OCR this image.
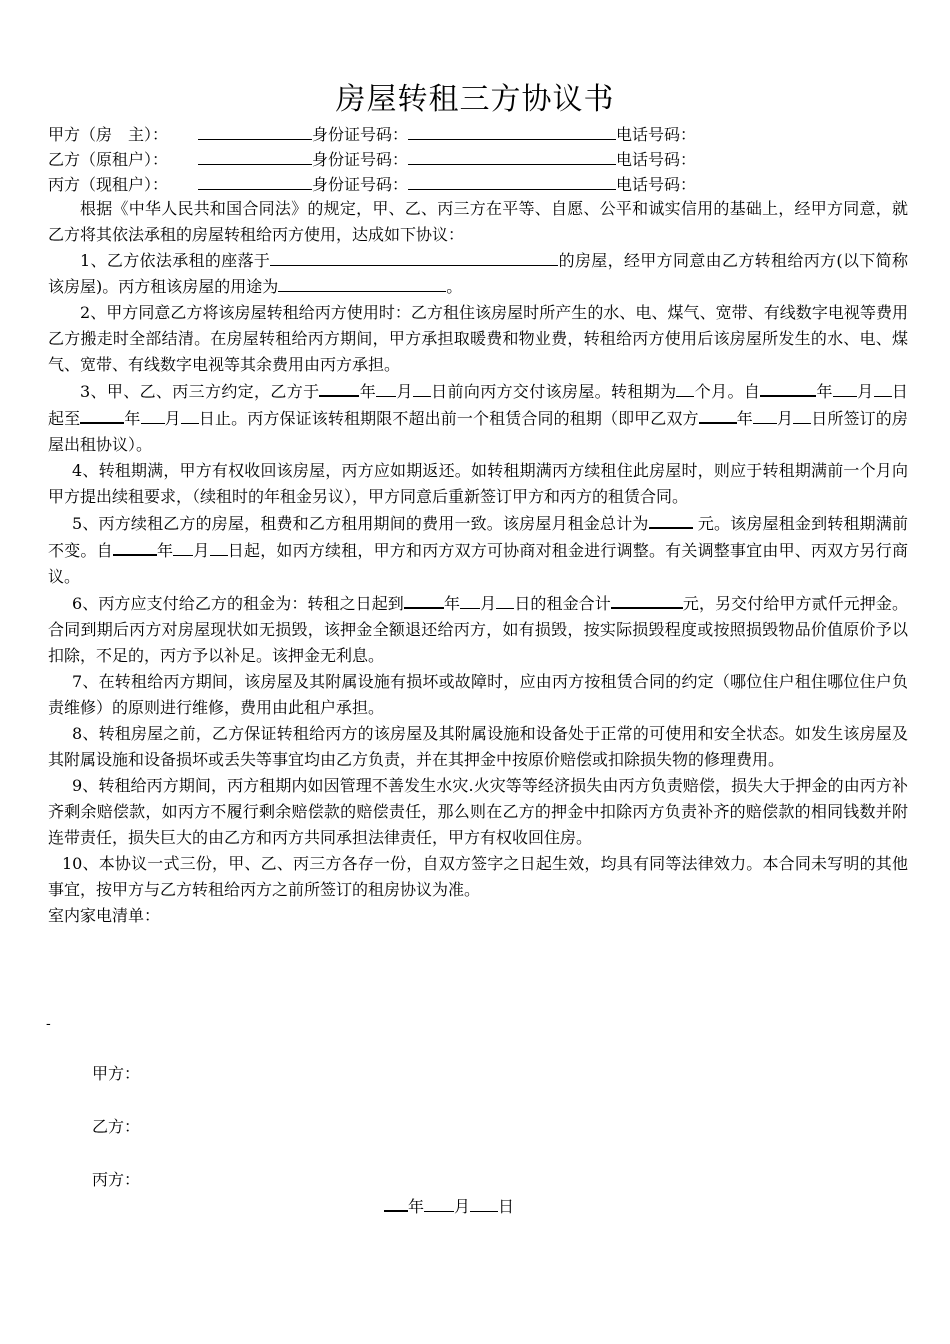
房屋转租三方协议书
甲方（房　主）：	身份证号码：	电话号码：
乙方（原租户）：	身份证号码：	电话号码：
丙方（现租户）：	身份证号码：	电话号码：

根据《中华人民共和国合同法》的规定，甲、乙、丙三方在平等、自愿、公平和诚实信用的基础上，经甲方同意，就乙方将其依法承租的房屋转租给丙方使用，达成如下协议：

1、乙方依法承租的座落于	的房屋，经甲方同意由乙方转租给丙方(以下简称该房屋)。丙方租该房屋的用途为	。

2、甲方同意乙方将该房屋转租给丙方使用时：乙方租住该房屋时所产生的水、电、煤气、宽带、有线数字电视等费用乙方搬走时全部结清。在房屋转租给丙方期间，甲方承担取暖费和物业费，转租给丙方使用后该房屋所发生的水、电、煤气、宽带、有线数字电视等其余费用由丙方承担。

3、甲、乙、丙三方约定，乙方于	年 月 日前向丙方交付该房屋。转租期为 个月。自	年 月 日起至	年 月 日止。丙方保证该转租期限不超出前一个租赁合同的租期（即甲乙双方 年 月 日所签订的房屋出租协议）。

4、转租期满，甲方有权收回该房屋，丙方应如期返还。如转租期满丙方续租住此房屋时，则应于转租期满前一个月向甲方提出续租要求，（续租时的年租金另议），甲方同意后重新签订甲方和丙方的租赁合同。

5、丙方续租乙方的房屋，租费和乙方租用期间的费用一致。该房屋月租金总计为	元。该房屋租金到转租期满前不变。自	年 月 日起，如丙方续租，甲方和丙方双方可协商对租金进行调整。有关调整事宜由甲、丙双方另行商议。

6、丙方应支付给乙方的租金为：转租之日起到	年 月 日的租金合计	元，另交付给甲方贰仟元押金。合同到期后丙方对房屋现状如无损毁，该押金全额退还给丙方，如有损毁，按实际损毁程度或按照损毁物品价值原价予以扣除，不足的，丙方予以补足。该押金无利息。

7、在转租给丙方期间，该房屋及其附属设施有损坏或故障时，应由丙方按租赁合同的约定（哪位住户租住哪位住户负责维修）的原则进行维修，费用由此租户承担。

8、转租房屋之前，乙方保证转租给丙方的该房屋及其附属设施和设备处于正常的可使用和安全状态。如发生该房屋及其附属设施和设备损坏或丢失等事宜均由乙方负责，并在其押金中按原价赔偿或扣除损失物的修理费用。

9、转租给丙方期间，丙方租期内如因管理不善发生水灾.火灾等等经济损失由丙方负责赔偿，损失大于押金的由丙方补齐剩余赔偿款，如丙方不履行剩余赔偿款的赔偿责任，那么则在乙方的押金中扣除丙方负责补齐的赔偿款的相同钱数并附连带责任，损失巨大的由乙方和丙方共同承担法律责任，甲方有权收回住房。

10、本协议一式三份，甲、乙、丙三方各存一份，自双方签字之日起生效，均具有同等法律效力。本合同未写明的其他事宜，按甲方与乙方转租给丙方之前所签订的租房协议为准。

室内家电清单：

-
甲方：
乙方：
丙方：
年 月 日
